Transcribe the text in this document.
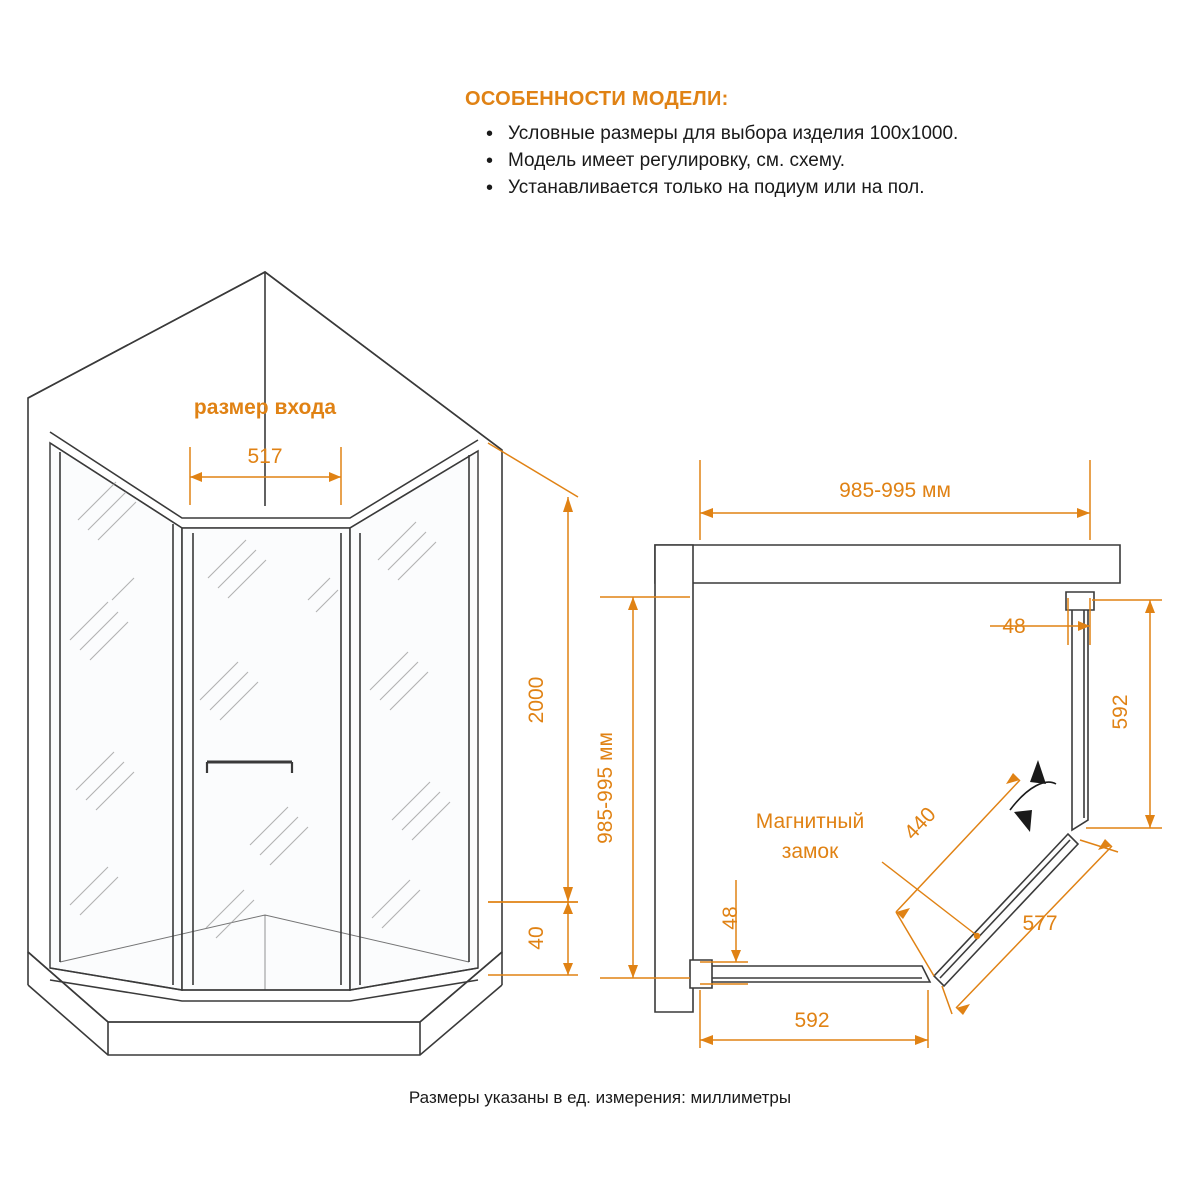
ОСОБЕННОСТИ МОДЕЛИ:
• Условные размеры для выбора изделия 100x1000.
• Модель имеет регулировку, см. схему.
• Устанавливается только на подиум или на пол.
размер входа
517
2000
40
985-995 мм
985-995 мм
592
48
48
592
440
577
Магнитный
замок
Размеры указаны в ед. измерения: миллиметры
